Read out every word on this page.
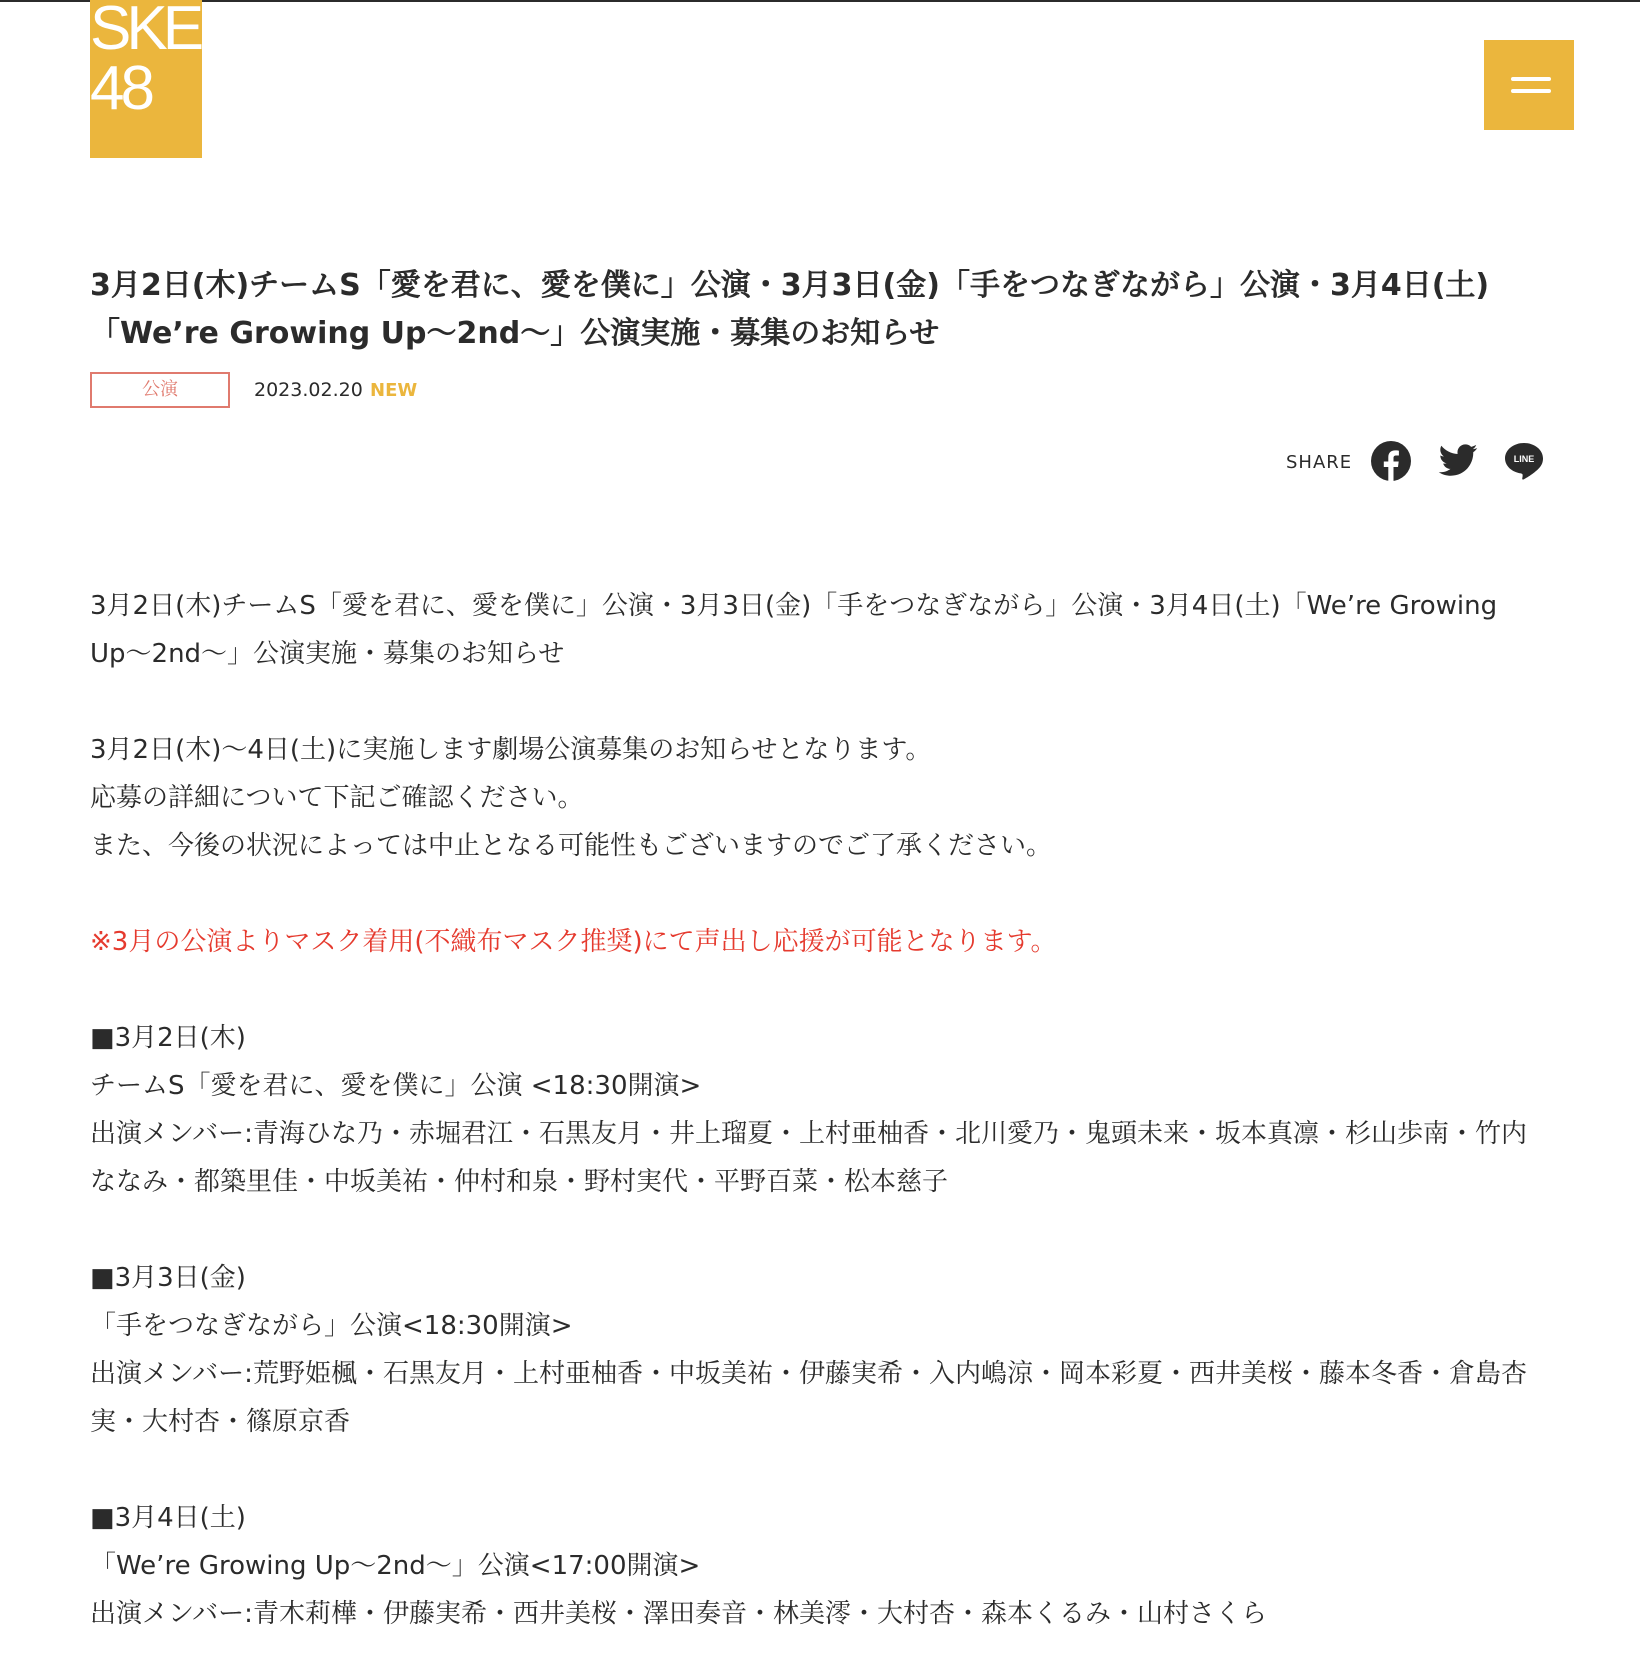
SKE
48
3月2日(木)チームS「愛を君に、愛を僕に」公演・3月3日(金)「手をつなぎながら」公演・3月4日(土)「We’re Growing Up〜2nd〜」公演実施・募集のお知らせ
公演	2023.02.20 NEW
SHARE	LINE

3月2日(木)チームS「愛を君に、愛を僕に」公演・3月3日(金)「手をつなぎながら」公演・3月4日(土)「We’re Growing Up〜2nd〜」公演実施・募集のお知らせ

3月2日(木)〜4日(土)に実施します劇場公演募集のお知らせとなります。

応募の詳細について下記ご確認ください。

また、今後の状況によっては中止となる可能性もございますのでご了承ください。

※3月の公演よりマスク着用(不織布マスク推奨)にて声出し応援が可能となります。

■3月2日(木)

チームS「愛を君に、愛を僕に」公演 <18:30開演>

出演メンバー:青海ひな乃・赤堀君江・石黒友月・井上瑠夏・上村亜柚香・北川愛乃・鬼頭未来・坂本真凛・杉山歩南・竹内ななみ・都築里佳・中坂美祐・仲村和泉・野村実代・平野百菜・松本慈子

■3月3日(金)

「手をつなぎながら」公演<18:30開演>

出演メンバー:荒野姫楓・石黒友月・上村亜柚香・中坂美祐・伊藤実希・入内嶋涼・岡本彩夏・西井美桜・藤本冬香・倉島杏実・大村杏・篠原京香

■3月4日(土)

「We’re Growing Up〜2nd〜」公演<17:00開演>

出演メンバー:青木莉樺・伊藤実希・西井美桜・澤田奏音・林美澪・大村杏・森本くるみ・山村さくら
